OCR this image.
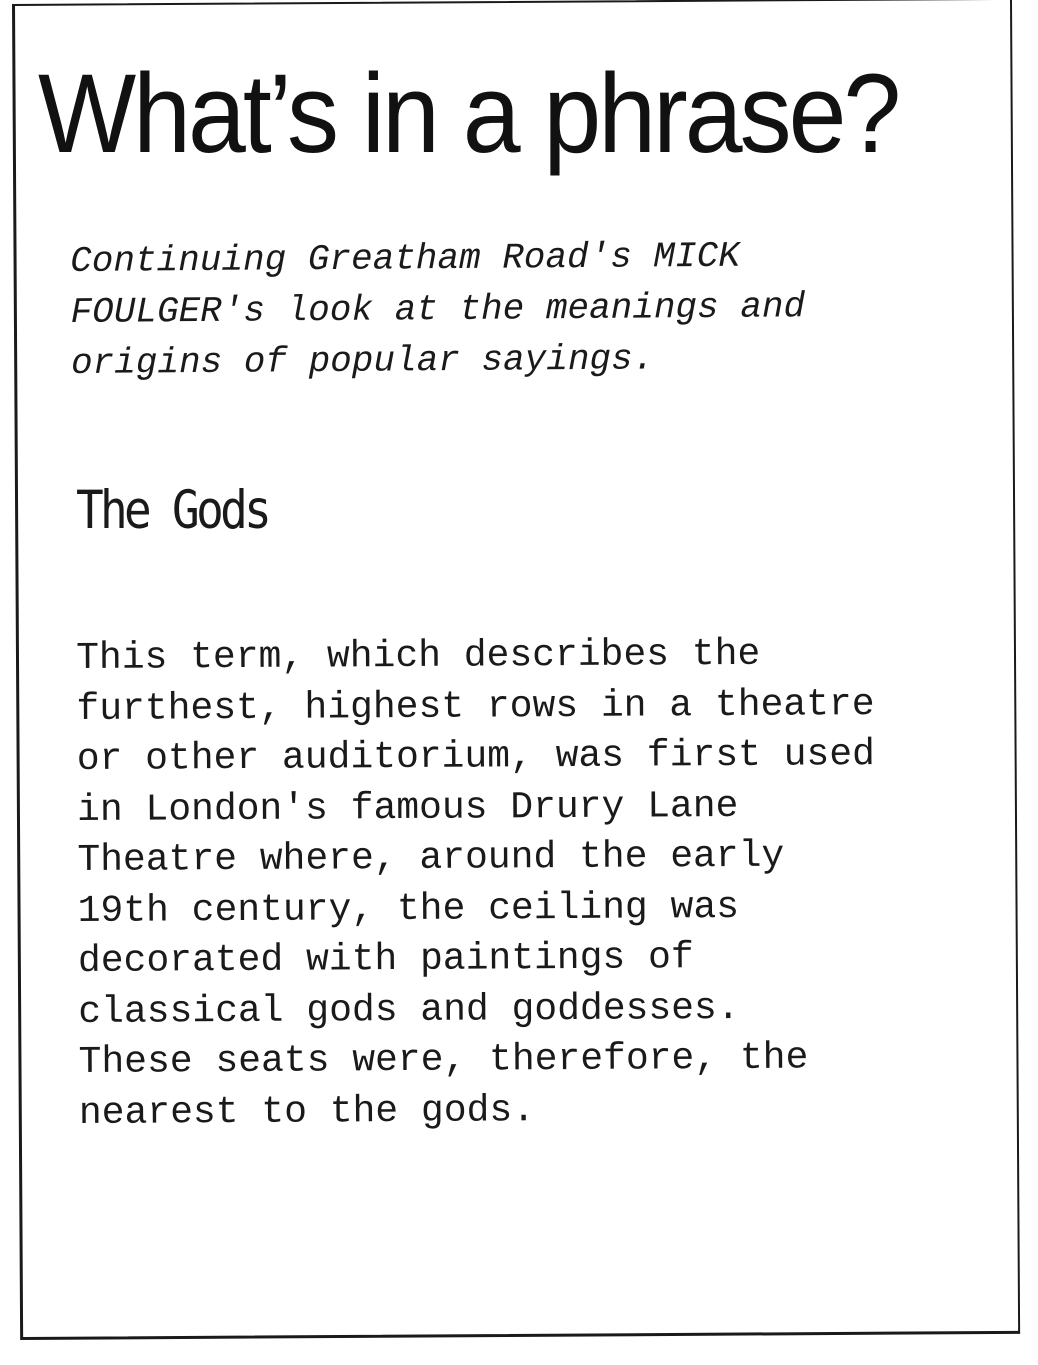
What’s in a phrase?

Continuing Greatham Road's MICK
FOULGER's look at the meanings and
origins of popular sayings.

The Gods

This term, which describes the
furthest, highest rows in a theatre
or other auditorium, was first used
in London's famous Drury Lane
Theatre where, around the early
19th century, the ceiling was
decorated with paintings of
classical gods and goddesses.
These seats were, therefore, the
nearest to the gods.
